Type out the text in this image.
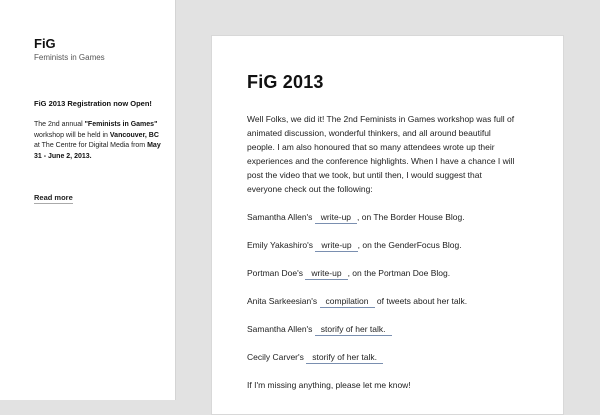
FiG

Feminists in Games

FiG 2013 Registration now Open!

The 2nd annual "Feminists in Games" workshop will be held in Vancouver, BC at The Centre for Digital Media from May 31 - June 2, 2013.

Read more
FiG 2013

Well Folks, we did it! The 2nd Feminists in Games workshop was full of animated discussion, wonderful thinkers, and all around beautiful people. I am also honoured that so many attendees wrote up their experiences and the conference highlights. When I have a chance I will post the video that we took, but until then, I would suggest that everyone check out the following:

Samantha Allen's write-up , on The Border House Blog.

Emily Yakashiro's write-up , on the GenderFocus Blog.

Portman Doe's write-up , on the Portman Doe Blog.

Anita Sarkeesian's compilation of tweets about her talk.

Samantha Allen's storify of her talk.

Cecily Carver's storify of her talk.

If I'm missing anything, please let me know!
